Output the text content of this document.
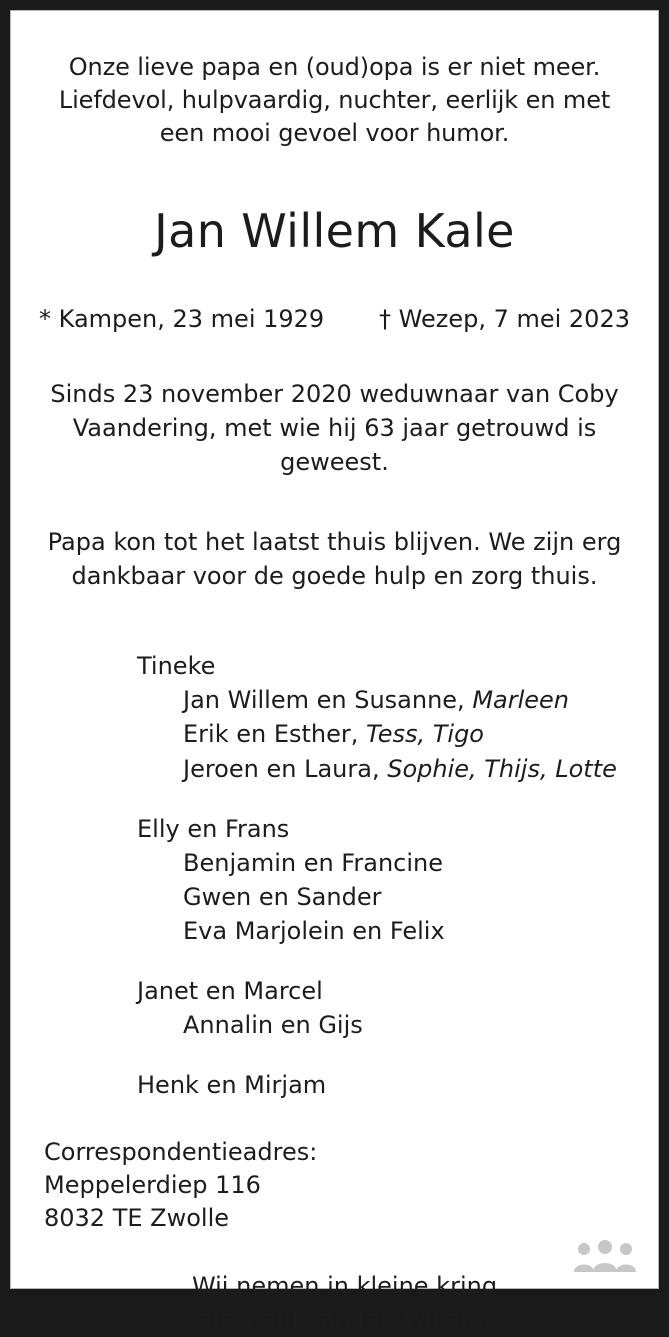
Onze lieve papa en (oud)opa is er niet meer. Liefdevol, hulpvaardig, nuchter, eerlijk en met een mooi gevoel voor humor.
Jan Willem Kale
* Kampen, 23 mei 1929 † Wezep, 7 mei 2023
Sinds 23 november 2020 weduwnaar van Coby Vaandering, met wie hij 63 jaar getrouwd is geweest.
Papa kon tot het laatst thuis blijven. We zijn erg dankbaar voor de goede hulp en zorg thuis.

Tineke

Jan Willem en Susanne, Marleen

Erik en Esther, Tess, Tigo

Jeroen en Laura, Sophie, Thijs, Lotte

Elly en Frans

Benjamin en Francine

Gwen en Sander

Eva Marjolein en Felix

Janet en Marcel

Annalin en Gijs

Henk en Mirjam

Correspondentieadres:

Meppelerdiep 116

8032 TE Zwolle

Wij nemen in kleine kring

afscheid van Jan Willem.
